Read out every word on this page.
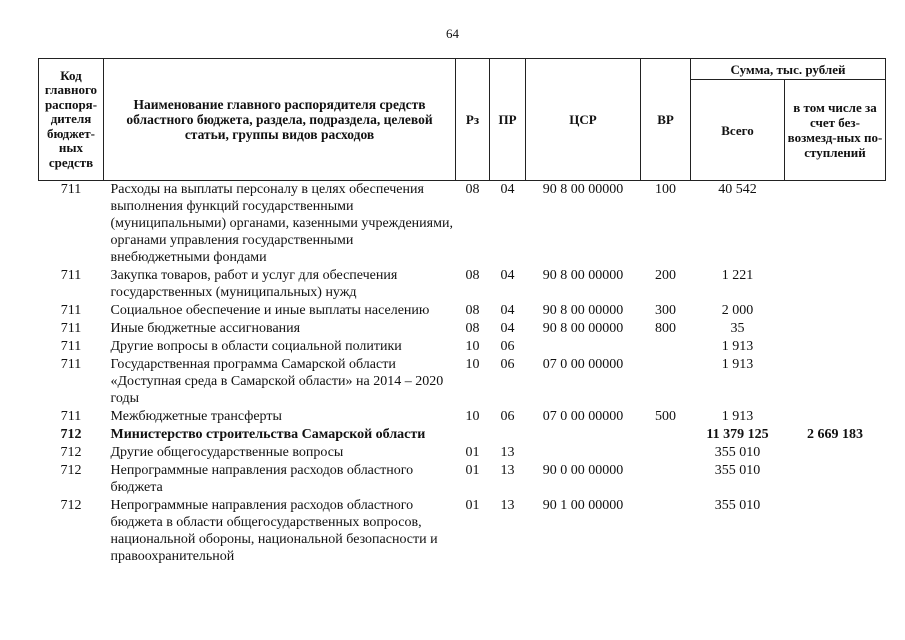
64
Код главного распоря-дителя бюджет-ных средств	Наименование главного распорядителя средств областного бюджета, раздела, подраздела, целевой статьи, группы видов расходов	Рз	ПР	ЦСР	ВР	Сумма, тыс. рублей	
						Всего	в том числе за счет без-возмезд-ных по-ступлений
711	Расходы на выплаты персоналу в целях обеспечения выполнения функций государственными (муниципальными) органами, казенными учреждениями, органами управления государственными внебюджетными фондами	08	04	90 8 00 00000	100	40 542	
711	Закупка товаров, работ и услуг для обеспечения государственных (муниципальных) нужд	08	04	90 8 00 00000	200	1 221	
711	Социальное обеспечение и иные выплаты населению	08	04	90 8 00 00000	300	2 000	
711	Иные бюджетные ассигнования	08	04	90 8 00 00000	800	35	
711	Другие вопросы в области социальной политики	10	06			1 913	
711	Государственная программа Самарской области «Доступная среда в Самарской области» на 2014 – 2020 годы	10	06	07 0 00 00000		1 913	
711	Межбюджетные трансферты	10	06	07 0 00 00000	500	1 913	
712	Министерство строительства Самарской области					11 379 125	2 669 183
712	Другие общегосударственные вопросы	01	13			355 010	
712	Непрограммные направления расходов областного бюджета	01	13	90 0 00 00000		355 010	
712	Непрограммные направления расходов областного бюджета в области общегосударственных вопросов, национальной обороны, национальной безопасности и правоохранительной	01	13	90 1 00 00000		355 010	
